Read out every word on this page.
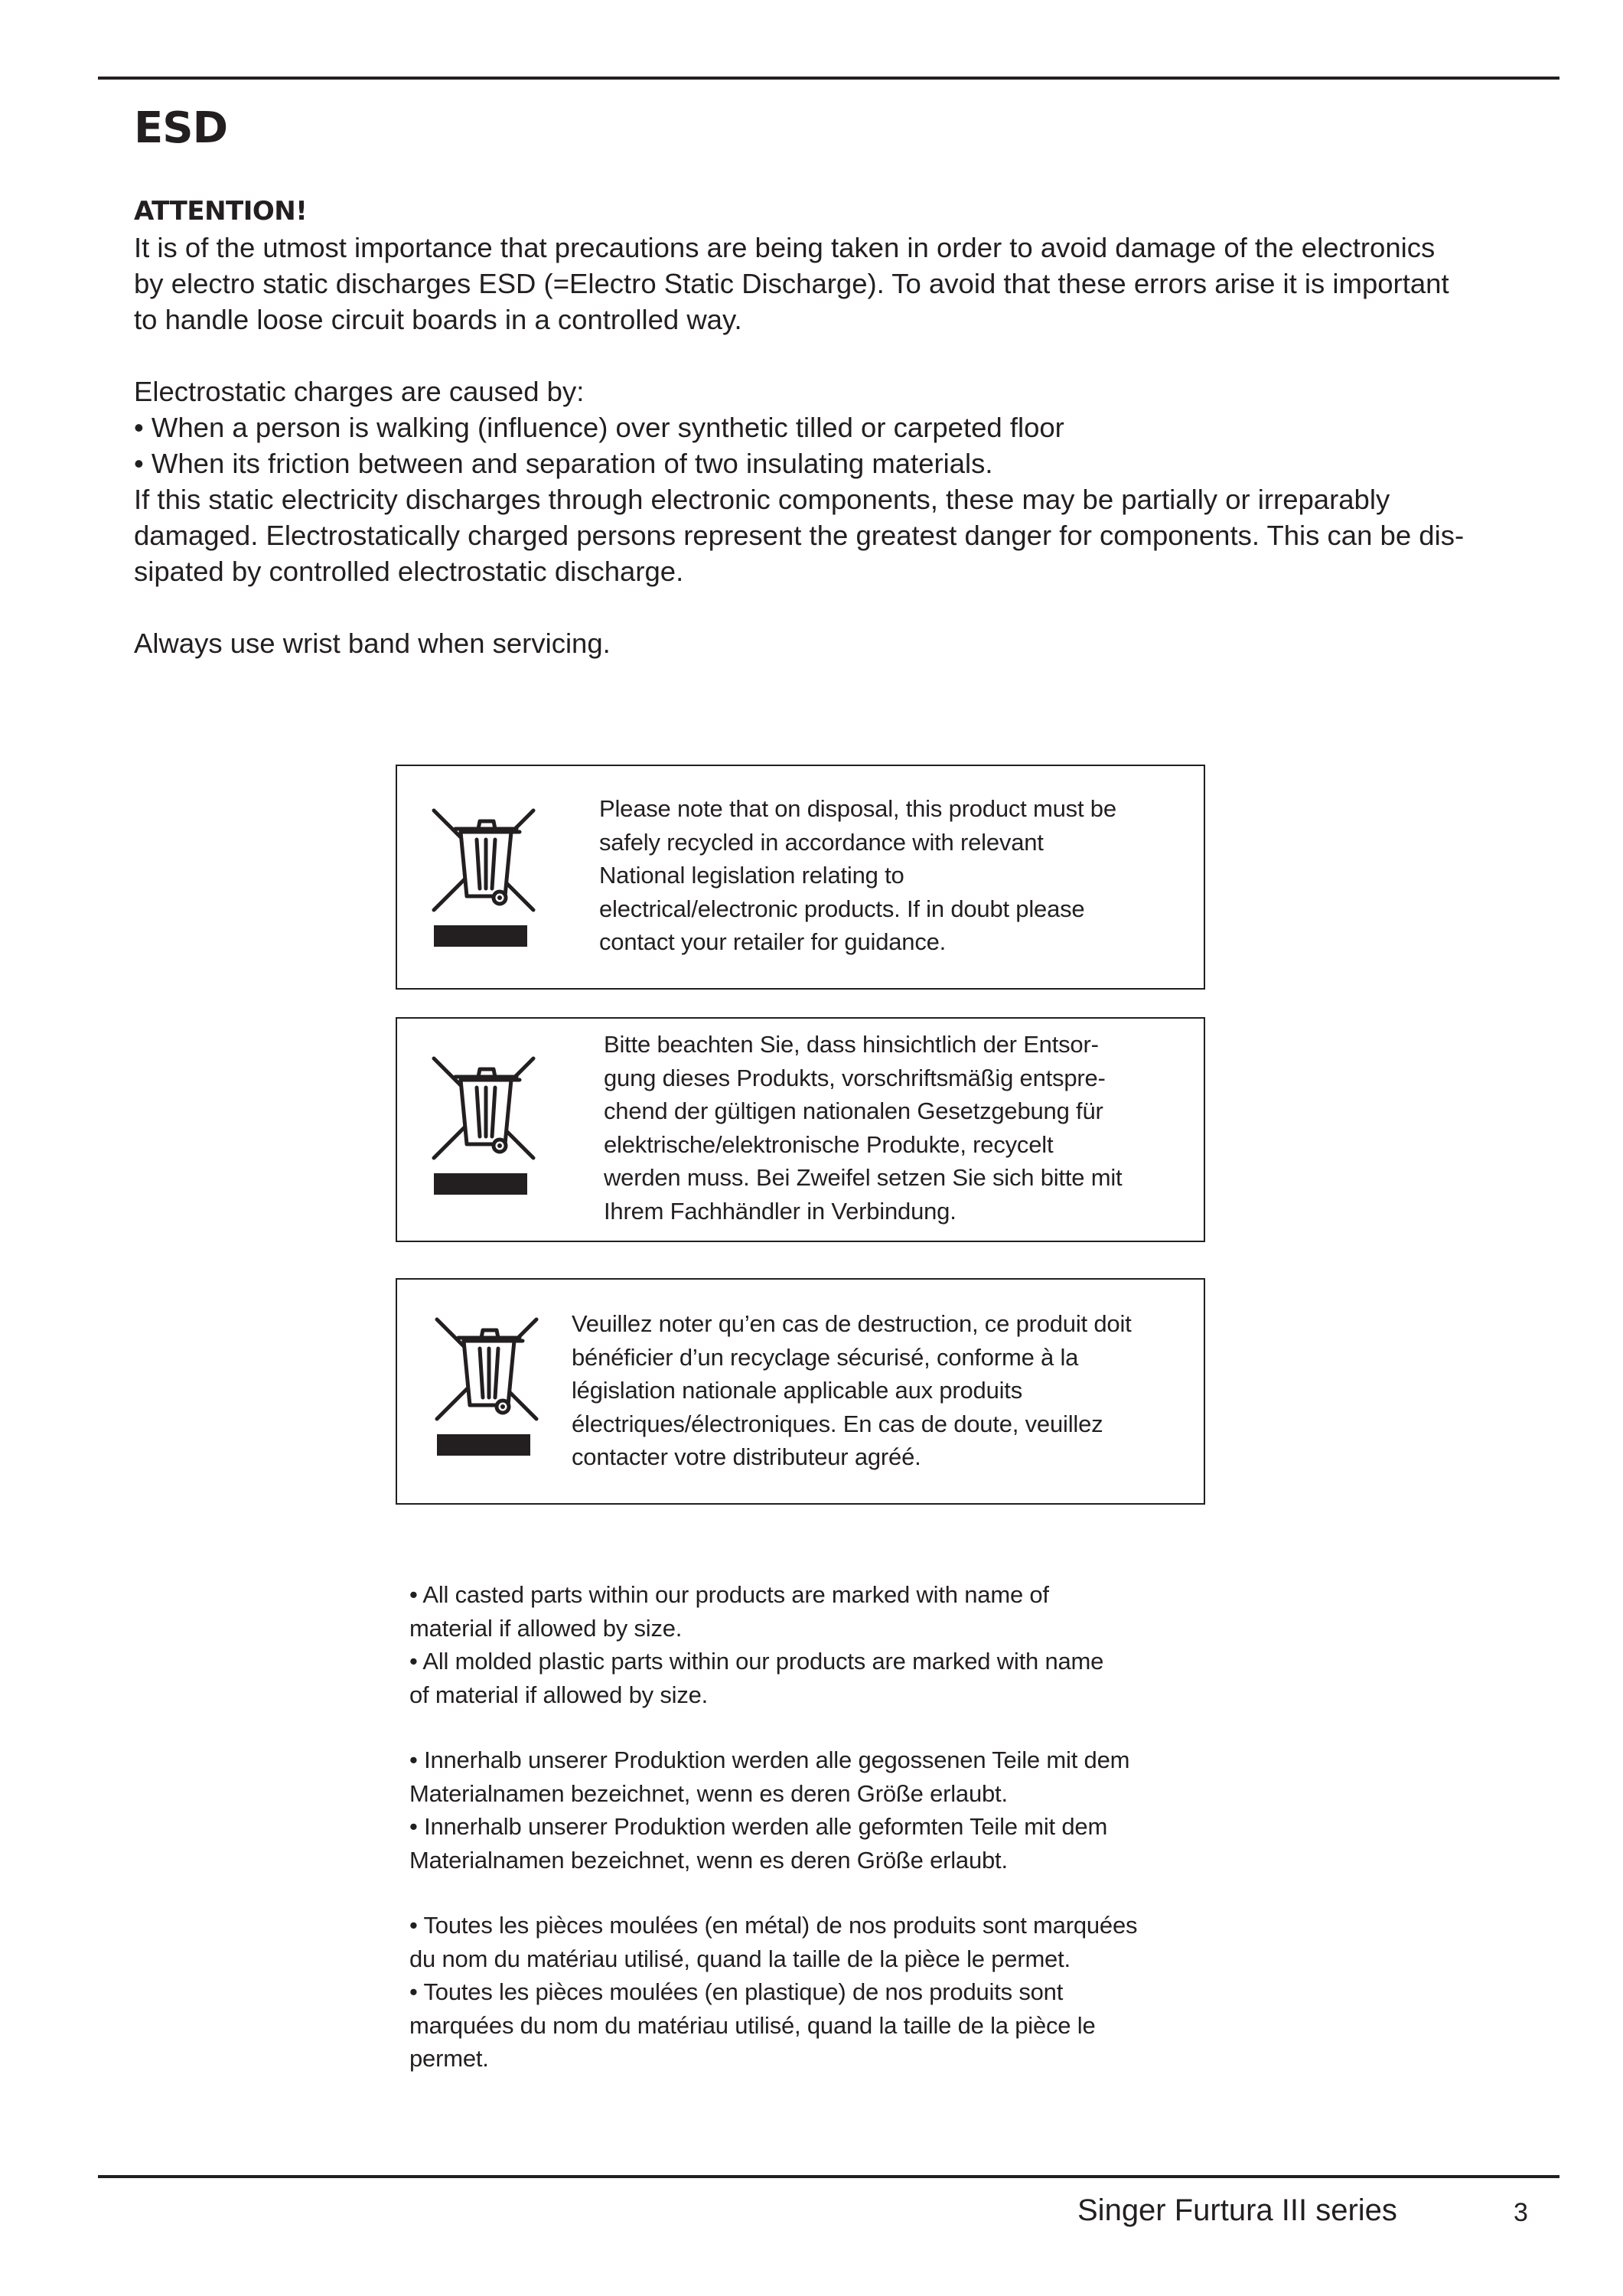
ESD

ATTENTION!

It is of the utmost importance that precautions are being taken in order to avoid damage of the electronics

by electro static discharges ESD (=Electro Static Discharge). To avoid that these errors arise it is important

to handle loose circuit boards in a controlled way.

Electrostatic charges are caused by:

• When a person is walking (influence) over synthetic tilled or carpeted floor

• When its friction between and separation of two insulating materials.

If this static electricity discharges through electronic components, these may be partially or irreparably

damaged. Electrostatically charged persons represent the greatest danger for components. This can be dis-

sipated by controlled electrostatic discharge.

Always use wrist band when servicing.

Please note that on disposal, this product must be
safely recycled in accordance with relevant
National legislation relating to
electrical/electronic products. If in doubt please
contact your retailer for guidance.
Bitte beachten Sie, dass hinsichtlich der Entsor-
gung dieses Produkts, vorschriftsmäßig entspre-
chend der gültigen nationalen Gesetzgebung für
elektrische/elektronische Produkte, recycelt
werden muss. Bei Zweifel setzen Sie sich bitte mit
Ihrem Fachhändler in Verbindung.
Veuillez noter qu’en cas de destruction, ce produit doit
bénéficier d’un recyclage sécurisé, conforme à la
législation nationale applicable aux produits
électriques/électroniques. En cas de doute, veuillez
contacter votre distributeur agréé.
• All casted parts within our products are marked with name of
material if allowed by size.
• All molded plastic parts within our products are marked with name
of material if allowed by size.
• Innerhalb unserer Produktion werden alle gegossenen Teile mit dem
Materialnamen bezeichnet, wenn es deren Größe erlaubt.
• Innerhalb unserer Produktion werden alle geformten Teile mit dem
Materialnamen bezeichnet, wenn es deren Größe erlaubt.
• Toutes les pièces moulées (en métal) de nos produits sont marquées
du nom du matériau utilisé, quand la taille de la pièce le permet.
• Toutes les pièces moulées (en plastique) de nos produits sont
marquées du nom du matériau utilisé, quand la taille de la pièce le
permet.
Singer Furtura III series	3
